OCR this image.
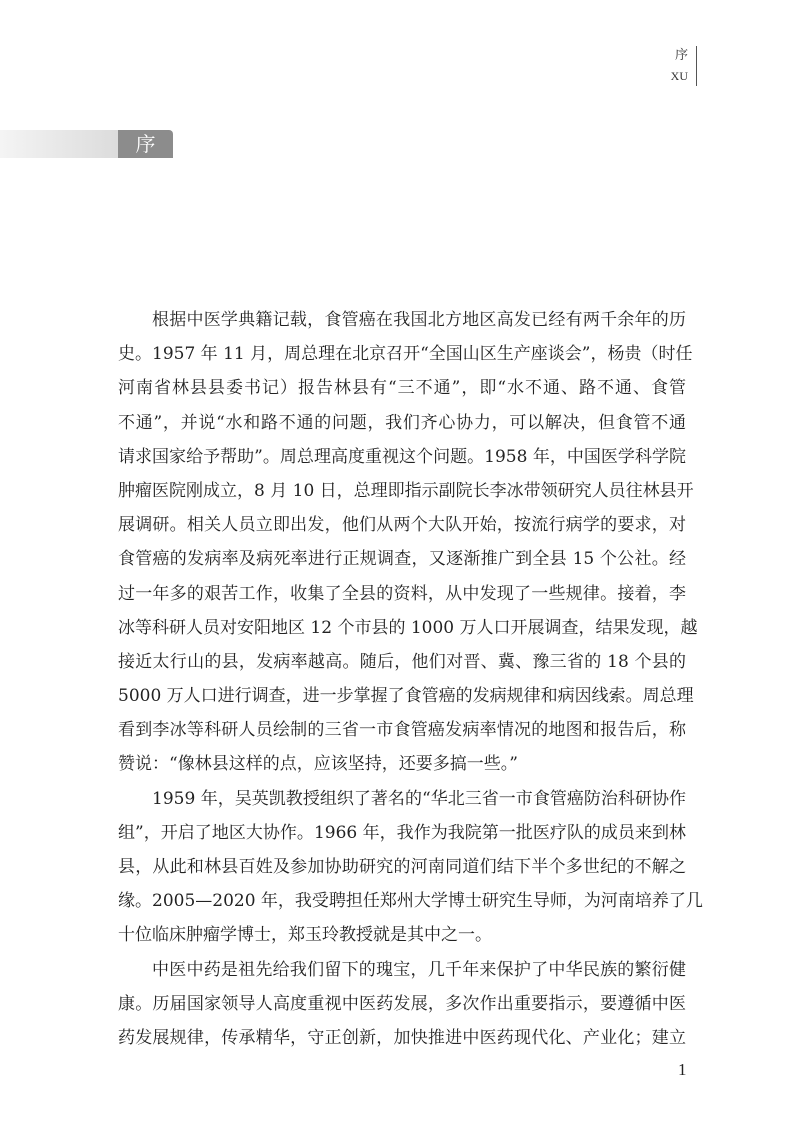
序
XU
序
根据中医学典籍记载，食管癌在我国北方地区高发已经有两千余年的历
史。1957 年 11 月，周总理在北京召开“全国山区生产座谈会”，杨贵（时任
河南省林县县委书记）报告林县有“三不通”，即“水不通、路不通、食管
不通”，并说“水和路不通的问题，我们齐心协力，可以解决，但食管不通
请求国家给予帮助”。周总理高度重视这个问题。1958 年，中国医学科学院
肿瘤医院刚成立，8 月 10 日，总理即指示副院长李冰带领研究人员往林县开
展调研。相关人员立即出发，他们从两个大队开始，按流行病学的要求，对
食管癌的发病率及病死率进行正规调查，又逐渐推广到全县 15 个公社。经
过一年多的艰苦工作，收集了全县的资料，从中发现了一些规律。接着，李
冰等科研人员对安阳地区 12 个市县的 1000 万人口开展调查，结果发现，越
接近太行山的县，发病率越高。随后，他们对晋、冀、豫三省的 18 个县的
5000 万人口进行调查，进一步掌握了食管癌的发病规律和病因线索。周总理
看到李冰等科研人员绘制的三省一市食管癌发病率情况的地图和报告后，称
赞说：“像林县这样的点，应该坚持，还要多搞一些。”
1959 年，吴英凯教授组织了著名的“华北三省一市食管癌防治科研协作
组”，开启了地区大协作。1966 年，我作为我院第一批医疗队的成员来到林
县，从此和林县百姓及参加协助研究的河南同道们结下半个多世纪的不解之
缘。2005—2020 年，我受聘担任郑州大学博士研究生导师，为河南培养了几
十位临床肿瘤学博士，郑玉玲教授就是其中之一。
中医中药是祖先给我们留下的瑰宝，几千年来保护了中华民族的繁衍健
康。历届国家领导人高度重视中医药发展，多次作出重要指示，要遵循中医
药发展规律，传承精华，守正创新，加快推进中医药现代化、产业化；建立
1
